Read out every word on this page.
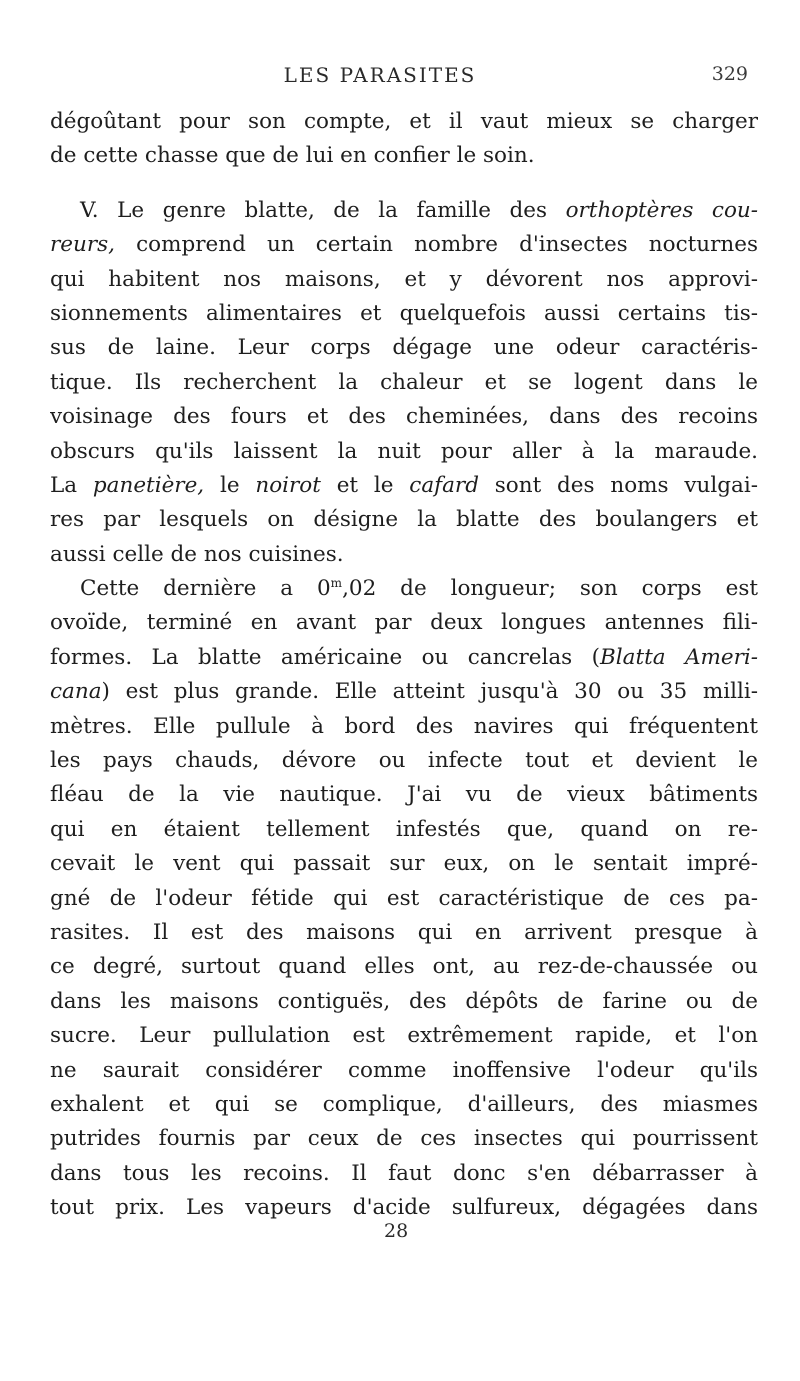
LES PARASITES	329
dégoûtant pour son compte, et il vaut mieux se charger
de cette chasse que de lui en confier le soin.
V. Le genre blatte, de la famille des orthoptères cou-
reurs, comprend un certain nombre d'insectes nocturnes
qui habitent nos maisons, et y dévorent nos approvi-
sionnements alimentaires et quelquefois aussi certains tis-
sus de laine. Leur corps dégage une odeur caractéris-
tique. Ils recherchent la chaleur et se logent dans le
voisinage des fours et des cheminées, dans des recoins
obscurs qu'ils laissent la nuit pour aller à la maraude.
La panetière, le noirot et le cafard sont des noms vulgai-
res par lesquels on désigne la blatte des boulangers et
aussi celle de nos cuisines.
Cette dernière a 0$^m$,02 de longueur; son corps est
ovoïde, terminé en avant par deux longues antennes fili-
formes. La blatte américaine ou cancrelas (Blatta Ameri-
cana) est plus grande. Elle atteint jusqu'à 30 ou 35 milli-
mètres. Elle pullule à bord des navires qui fréquentent
les pays chauds, dévore ou infecte tout et devient le
fléau de la vie nautique. J'ai vu de vieux bâtiments
qui en étaient tellement infestés que, quand on re-
cevait le vent qui passait sur eux, on le sentait impré-
gné de l'odeur fétide qui est caractéristique de ces pa-
rasites. Il est des maisons qui en arrivent presque à
ce degré, surtout quand elles ont, au rez-de-chaussée ou
dans les maisons contiguës, des dépôts de farine ou de
sucre. Leur pullulation est extrêmement rapide, et l'on
ne saurait considérer comme inoffensive l'odeur qu'ils
exhalent et qui se complique, d'ailleurs, des miasmes
putrides fournis par ceux de ces insectes qui pourrissent
dans tous les recoins. Il faut donc s'en débarrasser à
tout prix. Les vapeurs d'acide sulfureux, dégagées dans
28
